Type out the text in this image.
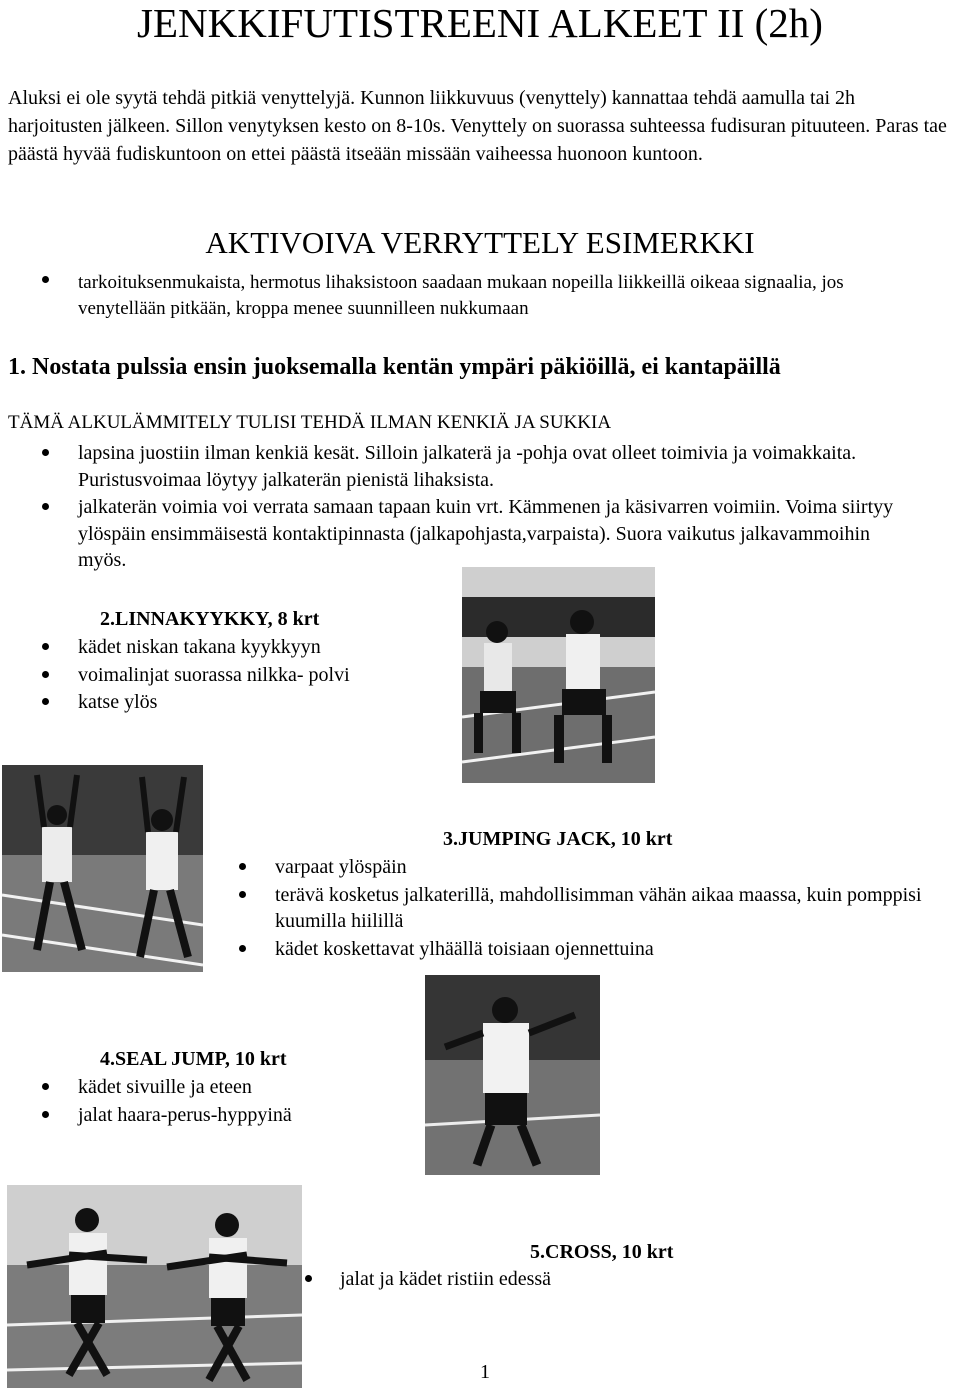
JENKKIFUTISTREENI ALKEET II (2h)

Aluksi ei ole syytä tehdä pitkiä venyttelyjä. Kunnon liikkuvuus (venyttely) kannattaa tehdä aamulla tai 2h harjoitusten jälkeen. Sillon venytyksen kesto on 8-10s. Venyttely on suorassa suhteessa fudisuran pituuteen. Paras tae päästä hyvää fudiskuntoon on ettei päästä itseään missään vaiheessa huonoon kuntoon.

AKTIVOIVA VERRYTTELY ESIMERKKI
tarkoituksenmukaista, hermotus lihaksistoon saadaan mukaan nopeilla liikkeillä oikeaa signaalia, jos venytellään pitkään, kroppa menee suunnilleen nukkumaan
1. Nostata pulssia ensin juoksemalla kentän ympäri päkiöillä, ei kantapäillä
TÄMÄ ALKULÄMMITELY TULISI TEHDÄ ILMAN KENKIÄ JA SUKKIA
lapsina juostiin ilman kenkiä kesät. Silloin jalkaterä ja -pohja ovat olleet toimivia ja voimakkaita. Puristusvoimaa löytyy jalkaterän pienistä lihaksista.
jalkaterän voimia voi verrata samaan tapaan kuin vrt. Kämmenen ja käsivarren voimiin. Voima siirtyy ylöspäin ensimmäisestä kontaktipinnasta (jalkapohjasta,varpaista). Suora vaikutus jalkavammoihin myös.
2.LINNAKYYKKY, 8 krt
kädet niskan takana kyykkyyn
voimalinjat suorassa nilkka- polvi
katse ylös
3.JUMPING JACK, 10 krt
varpaat ylöspäin
terävä kosketus jalkaterillä, mahdollisimman vähän aikaa maassa, kuin pomppisi kuumilla hiilillä
kädet koskettavat ylhäällä toisiaan ojennettuina
4.SEAL JUMP, 10 krt
kädet sivuille ja eteen
jalat haara-perus-hyppyinä
5.CROSS, 10 krt
jalat ja kädet ristiin edessä
1
